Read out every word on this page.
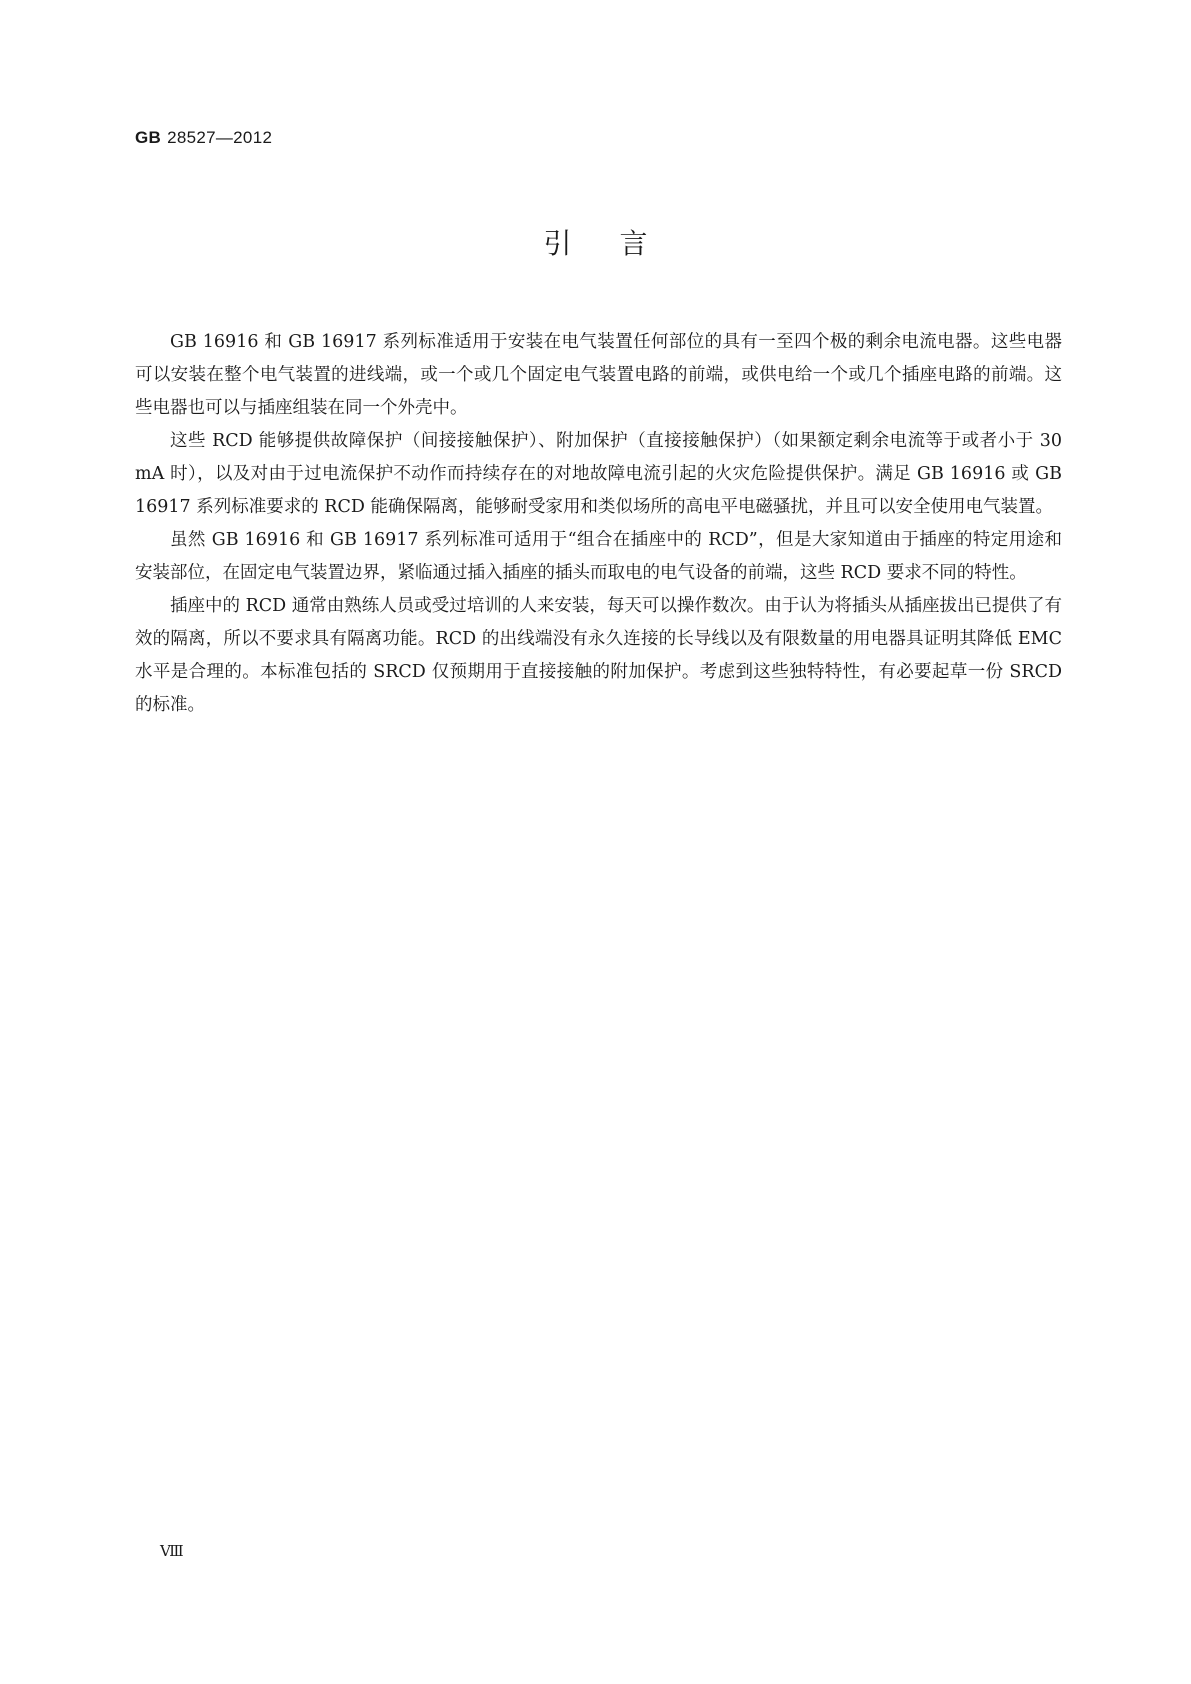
GB 28527—2012
引言

GB 16916 和 GB 16917 系列标准适用于安装在电气装置任何部位的具有一至四个极的剩余电流电器。这些电器可以安装在整个电气装置的进线端，或一个或几个固定电气装置电路的前端，或供电给一个或几个插座电路的前端。这些电器也可以与插座组装在同一个外壳中。

这些 RCD 能够提供故障保护（间接接触保护）、附加保护（直接接触保护）（如果额定剩余电流等于或者小于 30 mA 时），以及对由于过电流保护不动作而持续存在的对地故障电流引起的火灾危险提供保护。满足 GB 16916 或 GB 16917 系列标准要求的 RCD 能确保隔离，能够耐受家用和类似场所的高电平电磁骚扰，并且可以安全使用电气装置。

虽然 GB 16916 和 GB 16917 系列标准可适用于“组合在插座中的 RCD”，但是大家知道由于插座的特定用途和安装部位，在固定电气装置边界，紧临通过插入插座的插头而取电的电气设备的前端，这些 RCD 要求不同的特性。

插座中的 RCD 通常由熟练人员或受过培训的人来安装，每天可以操作数次。由于认为将插头从插座拔出已提供了有效的隔离，所以不要求具有隔离功能。RCD 的出线端没有永久连接的长导线以及有限数量的用电器具证明其降低 EMC 水平是合理的。本标准包括的 SRCD 仅预期用于直接接触的附加保护。考虑到这些独特特性，有必要起草一份 SRCD 的标准。

Ⅷ
